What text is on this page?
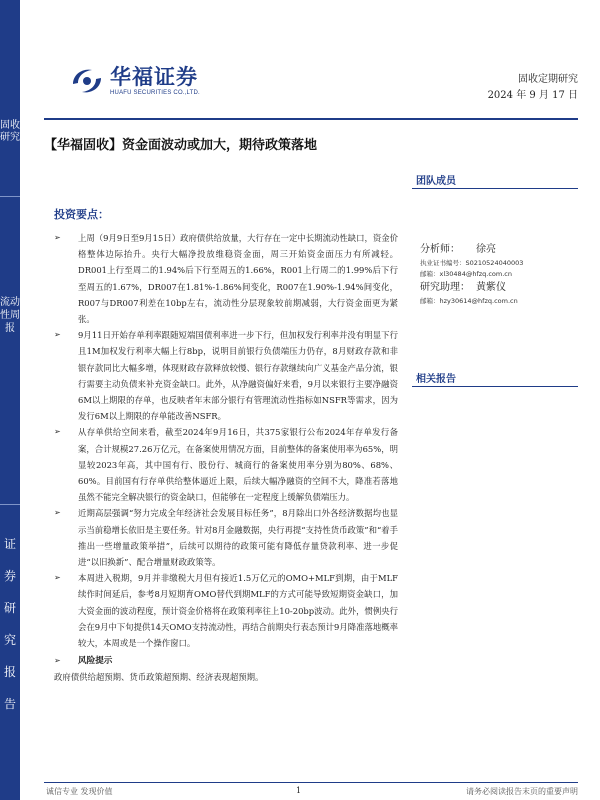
固收研究
流动性周报
证券研究报告
华福证券
HUAFU SECURITIES CO.,LTD.
固收定期研究
2024 年 9 月 17 日
【华福固收】资金面波动或加大，期待政策落地
团队成员
分析师： 徐亮
执业证书编号：S0210524040003
邮箱：xl30484@hfzq.com.cn
研究助理： 黄紫仪
邮箱：hzy30614@hfzq.com.cn
相关报告
投资要点：
➢ 上周（9月9日至9月15日）政府债供给放量，大行存在一定中长期流动性缺口，资金价格整体边际抬升。央行大幅净投放维稳资金面，周三开始资金面压力有所减轻。DR001上行至周二的1.94%后下行至周五的1.66%，R001上行周二的1.99%后下行至周五的1.67%，DR007在1.81%-1.86%间变化，R007在1.90%-1.94%间变化，R007与DR007利差在10bp左右，流动性分层现象较前期减弱，大行资金面更为紧张。
➢ 9月11日开始存单利率跟随短端国债利率进一步下行，但加权发行利率并没有明显下行且1M加权发行利率大幅上行8bp，说明目前银行负债端压力仍存，8月财政存款和非银存款同比大幅多增，体现财政存款释放较慢、银行存款继续向广义基金产品分流，银行需要主动负债来补充资金缺口。此外，从净融资偏好来看，9月以来银行主要净融资6M以上期限的存单，也反映者年末部分银行有管理流动性指标如NSFR等需求，因为发行6M以上期限的存单能改善NSFR。
➢ 从存单供给空间来看，截至2024年9月16日，共375家银行公布2024年存单发行备案，合计规模27.26万亿元，在备案使用情况方面，目前整体的备案使用率为65%，明显较2023年高，其中国有行、股份行、城商行的备案使用率分别为80%、68%、60%。目前国有行存单供给整体逼近上限，后续大幅净融资的空间不大，降准若落地虽然不能完全解决银行的资金缺口，但能够在一定程度上缓解负债端压力。
➢ 近期高层强调“努力完成全年经济社会发展目标任务”，8月除出口外各经济数据均也显示当前稳增长依旧是主要任务。针对8月金融数据，央行再提“支持性货币政策”和“着手推出一些增量政策举措”，后续可以期待的政策可能有降低存量贷款利率、进一步促进“以旧换新”、配合增量财政政策等。
➢ 本周进入税期，9月并非缴税大月但有接近1.5万亿元的OMO+MLF到期，由于MLF续作时间延后，参考8月短期育OMO替代到期MLF的方式可能导致短期资金缺口，加大资金面的波动程度，预计资金价格将在政策利率往上10-20bp波动。此外，惯例央行会在9月中下旬提供14天OMO支持流动性，再结合前期央行表态预计9月降准落地概率较大，本周或是一个操作窗口。
➢ 风险提示
政府债供给超预期、货币政策超预期、经济表现超预期。
诚信专业 发现价值	1	请务必阅读报告末页的重要声明
